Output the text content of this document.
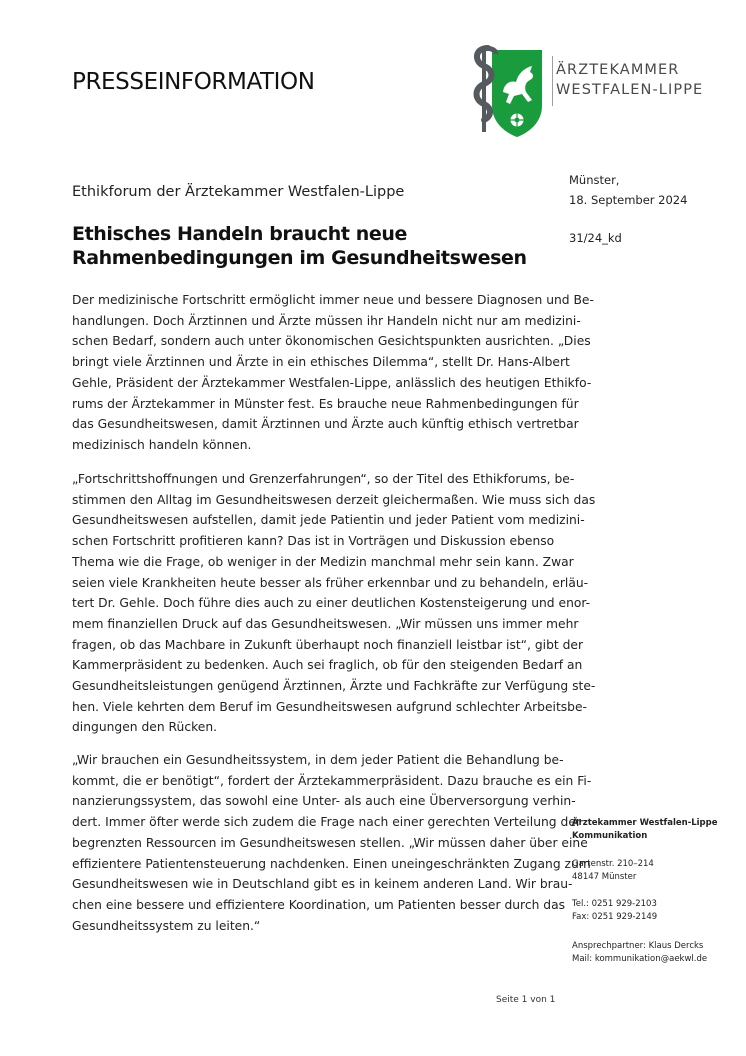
PRESSEINFORMATION	ÄRZTEKAMMER
WESTFALEN-LIPPE
Münster,
18. September 2024
31/24_kd
Ethikforum der Ärztekammer Westfalen-Lippe
Ethisches Handeln braucht neue
Rahmenbedingungen im Gesundheitswesen

Der medizinische Fortschritt ermöglicht immer neue und bessere Diagnosen und Be-
handlungen. Doch Ärztinnen und Ärzte müssen ihr Handeln nicht nur am medizini-
schen Bedarf, sondern auch unter ökonomischen Gesichtspunkten ausrichten. „Dies
bringt viele Ärztinnen und Ärzte in ein ethisches Dilemma“, stellt Dr. Hans-Albert
Gehle, Präsident der Ärztekammer Westfalen-Lippe, anlässlich des heutigen Ethikfo-
rums der Ärztekammer in Münster fest. Es brauche neue Rahmenbedingungen für
das Gesundheitswesen, damit Ärztinnen und Ärzte auch künftig ethisch vertretbar
medizinisch handeln können.

„Fortschrittshoffnungen und Grenzerfahrungen“, so der Titel des Ethikforums, be-
stimmen den Alltag im Gesundheitswesen derzeit gleichermaßen. Wie muss sich das
Gesundheitswesen aufstellen, damit jede Patientin und jeder Patient vom medizini-
schen Fortschritt profitieren kann? Das ist in Vorträgen und Diskussion ebenso
Thema wie die Frage, ob weniger in der Medizin manchmal mehr sein kann. Zwar
seien viele Krankheiten heute besser als früher erkennbar und zu behandeln, erläu-
tert Dr. Gehle. Doch führe dies auch zu einer deutlichen Kostensteigerung und enor-
mem finanziellen Druck auf das Gesundheitswesen. „Wir müssen uns immer mehr
fragen, ob das Machbare in Zukunft überhaupt noch finanziell leistbar ist“, gibt der
Kammerpräsident zu bedenken. Auch sei fraglich, ob für den steigenden Bedarf an
Gesundheitsleistungen genügend Ärztinnen, Ärzte und Fachkräfte zur Verfügung ste-
hen. Viele kehrten dem Beruf im Gesundheitswesen aufgrund schlechter Arbeitsbe-
dingungen den Rücken.

„Wir brauchen ein Gesundheitssystem, in dem jeder Patient die Behandlung be-
kommt, die er benötigt“, fordert der Ärztekammerpräsident. Dazu brauche es ein Fi-
nanzierungssystem, das sowohl eine Unter- als auch eine Überversorgung verhin-
dert. Immer öfter werde sich zudem die Frage nach einer gerechten Verteilung der
begrenzten Ressourcen im Gesundheitswesen stellen. „Wir müssen daher über eine
effizientere Patientensteuerung nachdenken. Einen uneingeschränkten Zugang zum
Gesundheitswesen wie in Deutschland gibt es in keinem anderen Land. Wir brau-
chen eine bessere und effizientere Koordination, um Patienten besser durch das
Gesundheitssystem zu leiten.“

Ärztekammer Westfalen-Lippe
Kommunikation
Gartenstr. 210–214
48147 Münster
Tel.: 0251 929-2103
Fax: 0251 929-2149
Ansprechpartner: Klaus Dercks
Mail: kommunikation@aekwl.de
Seite 1 von 1
